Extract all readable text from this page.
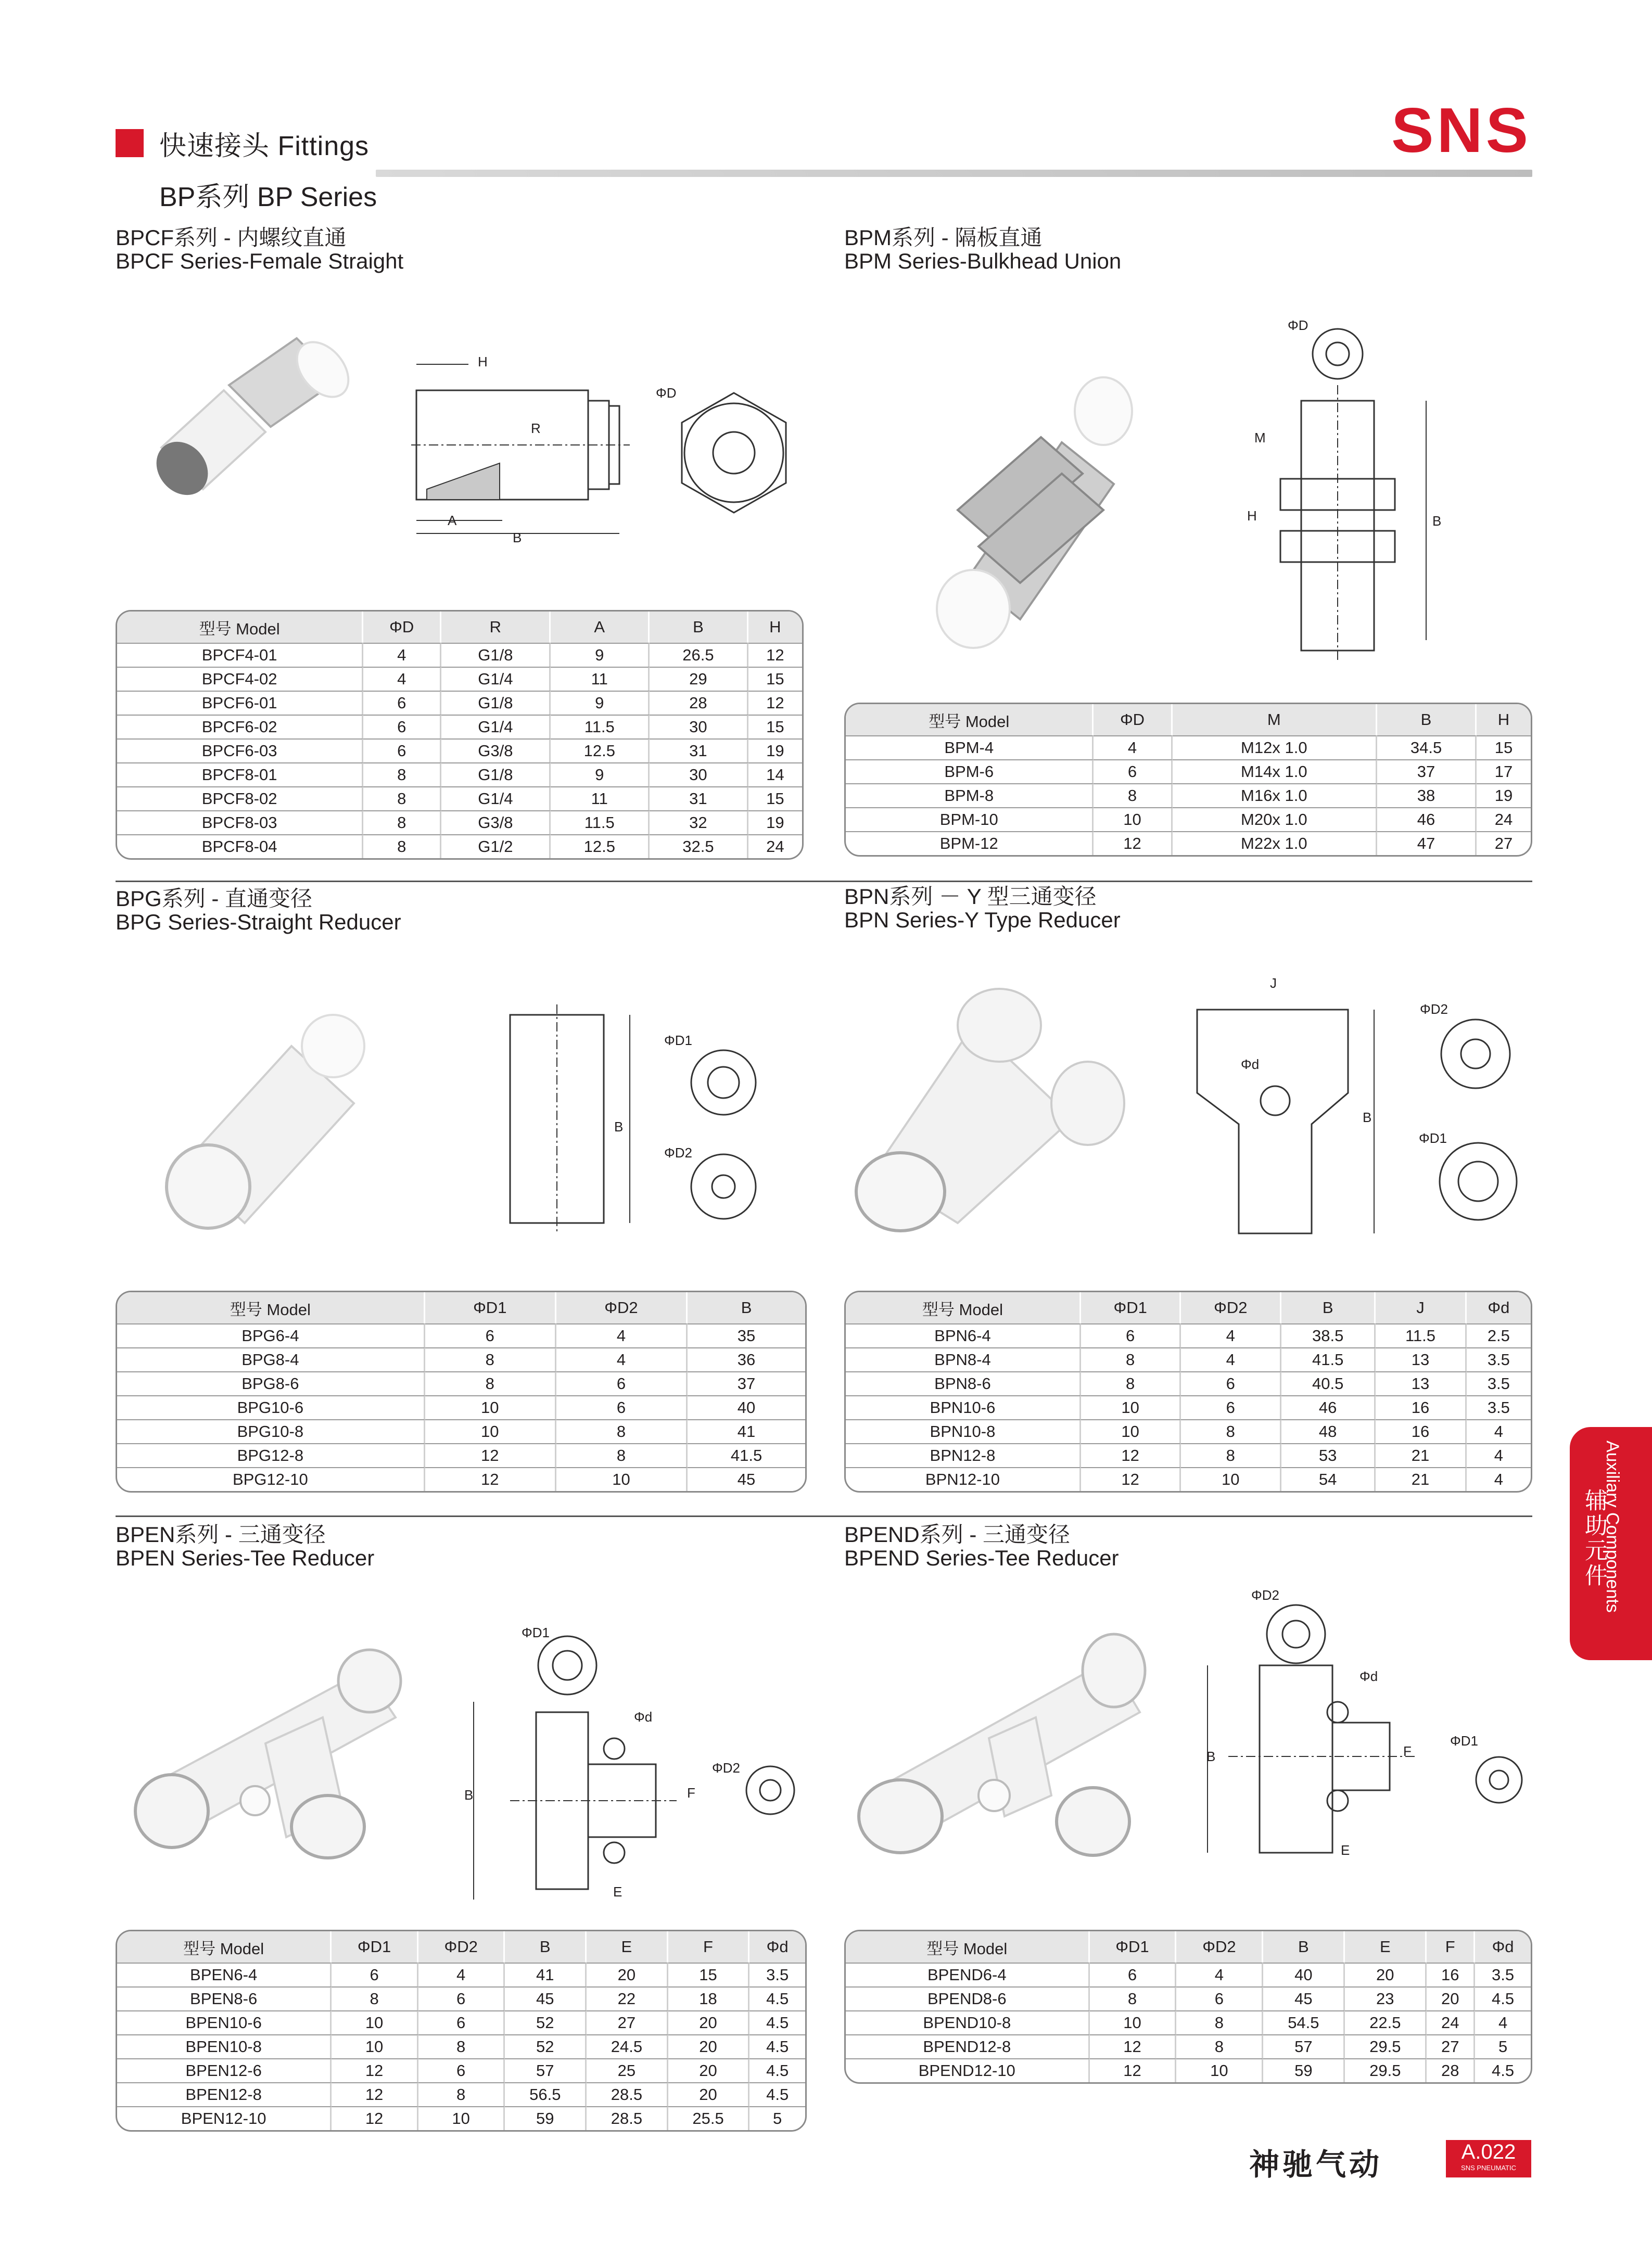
快速接头 Fittings
BP系列 BP Series
SNS
BPCF系列 - 内螺纹直通
BPCF Series-Female Straight
H
R
ΦD
A
B
型号 Model	ΦD	R	A	B	H
BPCF4-01	4	G1/8	9	26.5	12
BPCF4-02	4	G1/4	11	29	15
BPCF6-01	6	G1/8	9	28	12
BPCF6-02	6	G1/4	11.5	30	15
BPCF6-03	6	G3/8	12.5	31	19
BPCF8-01	8	G1/8	9	30	14
BPCF8-02	8	G1/4	11	31	15
BPCF8-03	8	G3/8	11.5	32	19
BPCF8-04	8	G1/2	12.5	32.5	24
BPM系列 - 隔板直通
BPM Series-Bulkhead Union
ΦD
M
H	B
型号 Model	ΦD	M	B	H
BPM-4	4	M12x 1.0	34.5	15
BPM-6	6	M14x 1.0	37	17
BPM-8	8	M16x 1.0	38	19
BPM-10	10	M20x 1.0	46	24
BPM-12	12	M22x 1.0	47	27
BPG系列 - 直通变径
BPG Series-Straight Reducer
B
ΦD1
ΦD2
型号 Model	ΦD1	ΦD2	B
BPG6-4	6	4	35
BPG8-4	8	4	36
BPG8-6	8	6	37
BPG10-6	10	6	40
BPG10-8	10	8	41
BPG12-8	12	8	41.5
BPG12-10	12	10	45
BPN系列 － Y 型三通变径
BPN Series-Y Type Reducer
J
Φd
B
ΦD2
ΦD1
型号 Model	ΦD1	ΦD2	B	J	Φd
BPN6-4	6	4	38.5	11.5	2.5
BPN8-4	8	4	41.5	13	3.5
BPN8-6	8	6	40.5	13	3.5
BPN10-6	10	6	46	16	3.5
BPN10-8	10	8	48	16	4
BPN12-8	12	8	53	21	4
BPN12-10	12	10	54	21	4
BPEN系列 - 三通变径
BPEN Series-Tee Reducer
ΦD1
Φd
ΦD2
B	F
E
型号 Model	ΦD1	ΦD2	B	E	F	Φd
BPEN6-4	6	4	41	20	15	3.5
BPEN8-6	8	6	45	22	18	4.5
BPEN10-6	10	6	52	27	20	4.5
BPEN10-8	10	8	52	24.5	20	4.5
BPEN12-6	12	6	57	25	20	4.5
BPEN12-8	12	8	56.5	28.5	20	4.5
BPEN12-10	12	10	59	28.5	25.5	5
BPEND系列 - 三通变径
BPEND Series-Tee Reducer
ΦD2
Φd
ΦD1
B	F
E
型号 Model	ΦD1	ΦD2	B	E	F	Φd
BPEND6-4	6	4	40	20	16	3.5
BPEND8-6	8	6	45	23	20	4.5
BPEND10-8	10	8	54.5	22.5	24	4
BPEND12-8	12	8	57	29.5	27	5
BPEND12-10	12	10	59	29.5	28	4.5
Auxiliary Components
辅助元件
神驰气动	A.022
SNS PNEUMATIC
